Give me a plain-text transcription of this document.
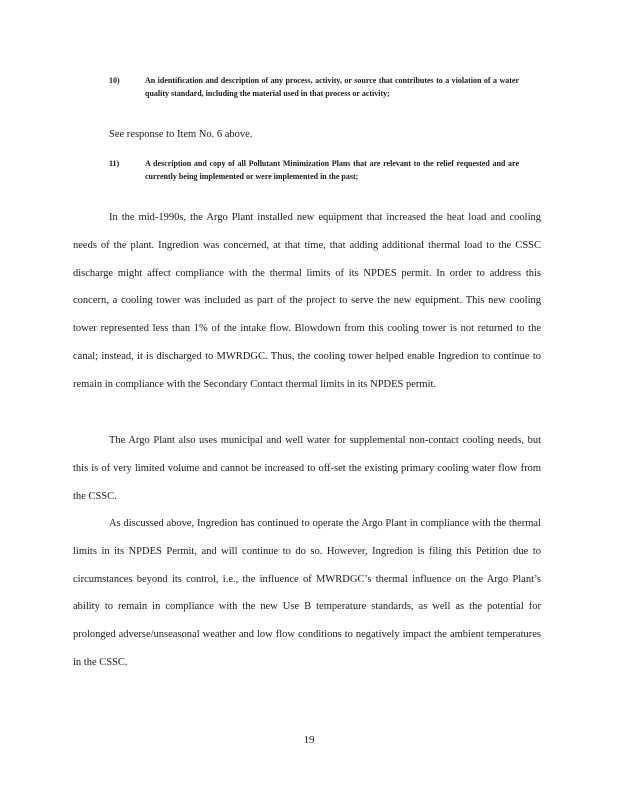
10)	An identification and description of any process, activity, or source that contributes to a violation of a water quality standard, including the material used in that process or activity;
See response to Item No. 6 above.
11)	A description and copy of all Pollutant Minimization Plans that are relevant to the relief requested and are currently being implemented or were implemented in the past;

In the mid-1990s, the Argo Plant installed new equipment that increased the heat load and cooling needs of the plant. Ingredion was concerned, at that time, that adding additional thermal load to the CSSC discharge might affect compliance with the thermal limits of its NPDES permit. In order to address this concern, a cooling tower was included as part of the project to serve the new equipment. This new cooling tower represented less than 1% of the intake flow. Blowdown from this cooling tower is not returned to the canal; instead, it is discharged to MWRDGC. Thus, the cooling tower helped enable Ingredion to continue to remain in compliance with the Secondary Contact thermal limits in its NPDES permit.

The Argo Plant also uses municipal and well water for supplemental non-contact cooling needs, but this is of very limited volume and cannot be increased to off-set the existing primary cooling water flow from the CSSC.

As discussed above, Ingredion has continued to operate the Argo Plant in compliance with the thermal limits in its NPDES Permit, and will continue to do so. However, Ingredion is filing this Petition due to circumstances beyond its control, i.e., the influence of MWRDGC’s thermal influence on the Argo Plant’s ability to remain in compliance with the new Use B temperature standards, as well as the potential for prolonged adverse/unseasonal weather and low flow conditions to negatively impact the ambient temperatures in the CSSC.

19
